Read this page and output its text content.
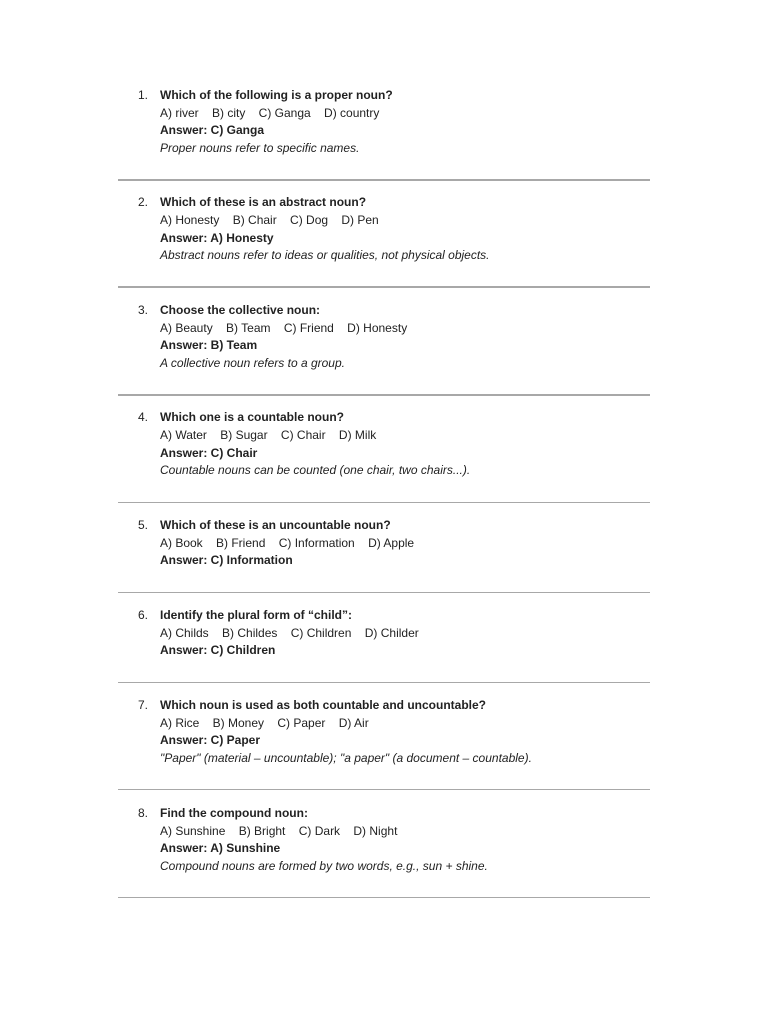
1. Which of the following is a proper noun?
A) river    B) city    C) Ganga    D) country
Answer: C) Ganga
Proper nouns refer to specific names.
2. Which of these is an abstract noun?
A) Honesty    B) Chair    C) Dog    D) Pen
Answer: A) Honesty
Abstract nouns refer to ideas or qualities, not physical objects.
3. Choose the collective noun:
A) Beauty    B) Team    C) Friend    D) Honesty
Answer: B) Team
A collective noun refers to a group.
4. Which one is a countable noun?
A) Water    B) Sugar    C) Chair    D) Milk
Answer: C) Chair
Countable nouns can be counted (one chair, two chairs...).
5. Which of these is an uncountable noun?
A) Book    B) Friend    C) Information    D) Apple
Answer: C) Information
6. Identify the plural form of “child”:
A) Childs    B) Childes    C) Children    D) Childer
Answer: C) Children
7. Which noun is used as both countable and uncountable?
A) Rice    B) Money    C) Paper    D) Air
Answer: C) Paper
"Paper" (material – uncountable); "a paper" (a document – countable).
8. Find the compound noun:
A) Sunshine    B) Bright    C) Dark    D) Night
Answer: A) Sunshine
Compound nouns are formed by two words, e.g., sun + shine.
